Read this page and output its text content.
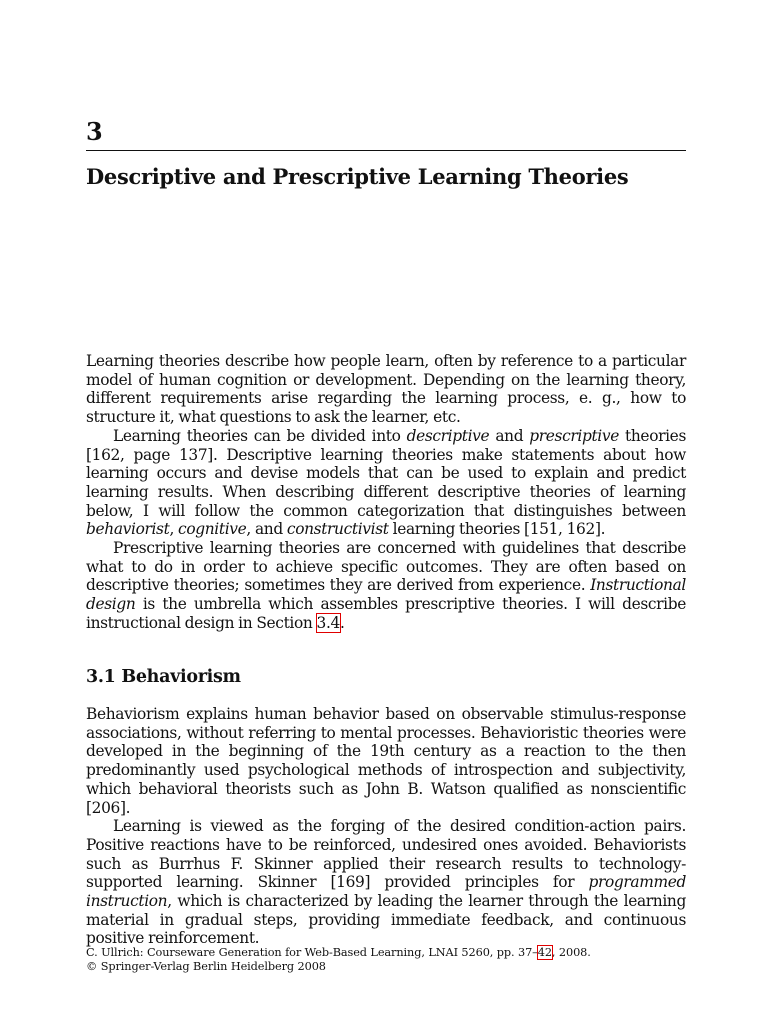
3
Descriptive and Prescriptive Learning Theories

Learning theories describe how people learn, often by reference to a particular model of human cognition or development. Depending on the learning theory, different requirements arise regarding the learning process, e. g., how to structure it, what questions to ask the learner, etc.

Learning theories can be divided into descriptive and prescriptive theories [162, page 137]. Descriptive learning theories make statements about how learning occurs and devise models that can be used to explain and predict learning results. When describing different descriptive theories of learning below, I will follow the common categorization that distinguishes between behaviorist, cognitive, and constructivist learning theories [151, 162].

Prescriptive learning theories are concerned with guidelines that describe what to do in order to achieve specific outcomes. They are often based on descriptive theories; sometimes they are derived from experience. Instructional design is the umbrella which assembles prescriptive theories. I will describe instructional design in Section 3.4.

3.1 Behaviorism

Behaviorism explains human behavior based on observable stimulus-response associations, without referring to mental processes. Behavioristic theories were developed in the beginning of the 19th century as a reaction to the then predominantly used psychological methods of introspection and subjectivity, which behavioral theorists such as John B. Watson qualified as nonscientific [206].

Learning is viewed as the forging of the desired condition-action pairs. Positive reactions have to be reinforced, undesired ones avoided. Behaviorists such as Burrhus F. Skinner applied their research results to technology-supported learning. Skinner [169] provided principles for programmed instruction, which is characterized by leading the learner through the learning material in gradual steps, providing immediate feedback, and continuous positive reinforcement.

C. Ullrich: Courseware Generation for Web-Based Learning, LNAI 5260, pp. 37–42, 2008.
© Springer-Verlag Berlin Heidelberg 2008
